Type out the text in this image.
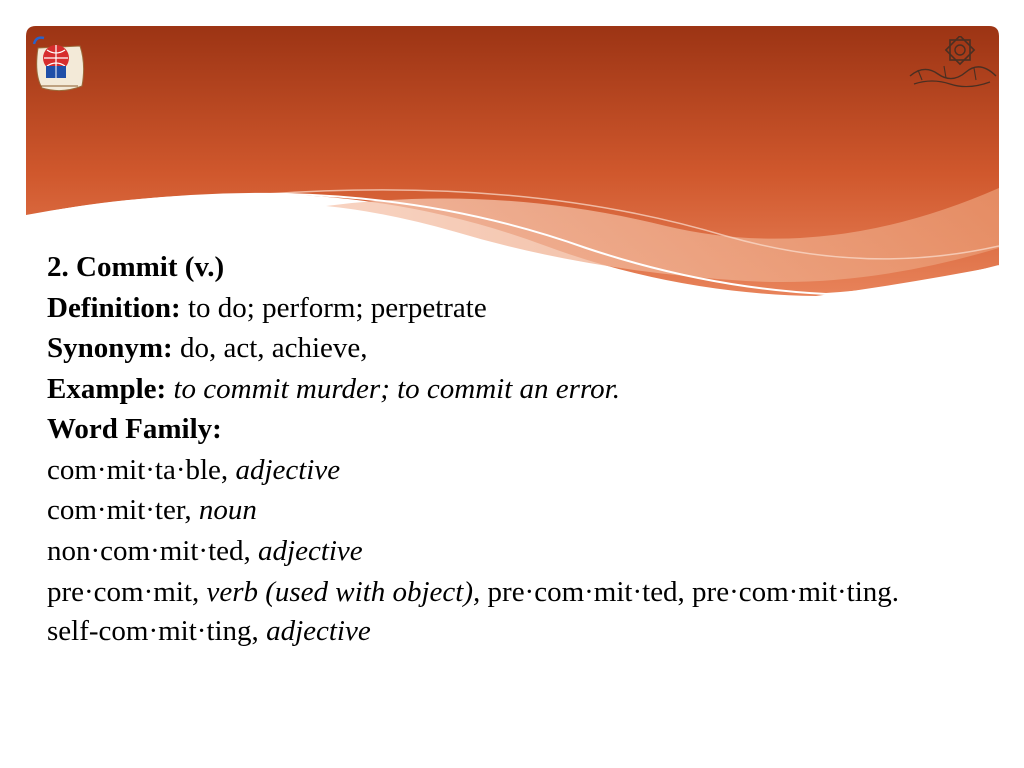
2. Commit (v.)
Definition: to do; perform; perpetrate
Synonym: do, act, achieve,
Example: to commit murder; to commit an error.
Word Family:
com·mit·ta·ble, adjective
com·mit·ter, noun
non·com·mit·ted, adjective
pre·com·mit, verb (used with object), pre·com·mit·ted, pre·com·mit·ting.
self-com·mit·ting, adjective
